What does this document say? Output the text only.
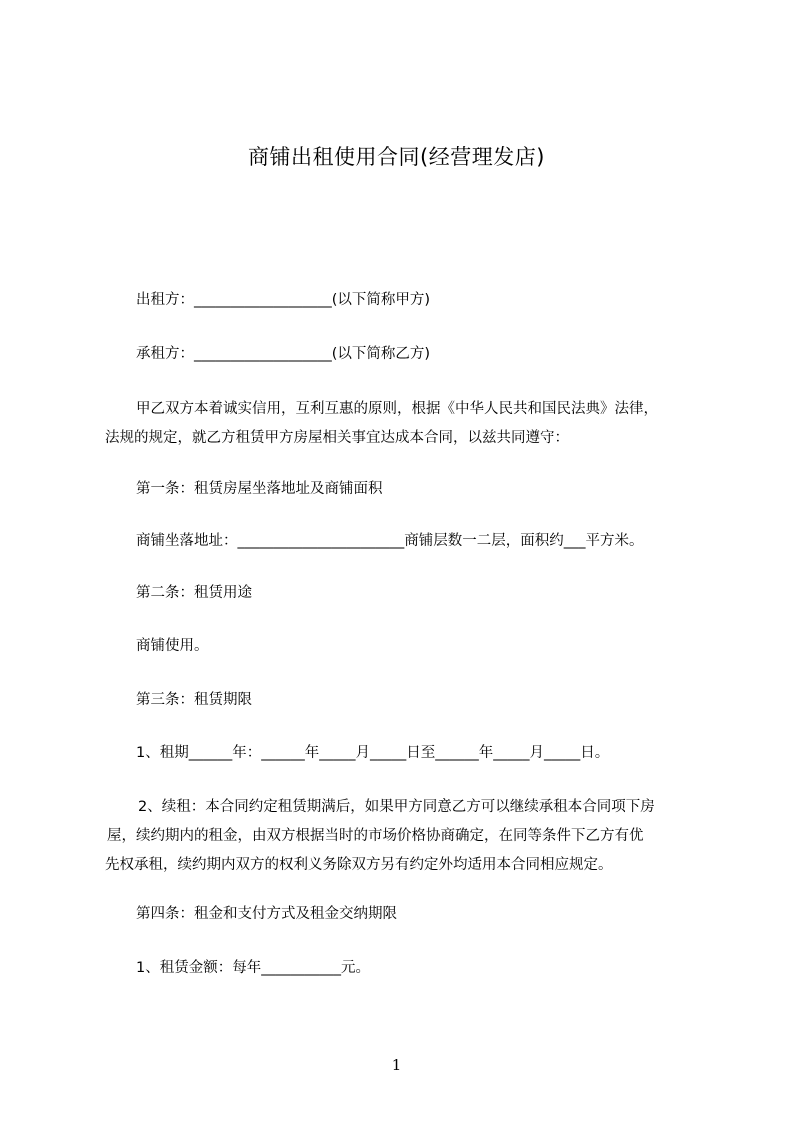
商铺出租使用合同(经营理发店)
出租方：___________________(以下简称甲方)
承租方：___________________(以下简称乙方)
甲乙双方本着诚实信用，互利互惠的原则，根据《中华人民共和国民法典》法律，
法规的规定，就乙方租赁甲方房屋相关事宜达成本合同，以兹共同遵守：
第一条：租赁房屋坐落地址及商铺面积
商铺坐落地址：_______________________商铺层数一二层，面积约___平方米。
第二条：租赁用途
商铺使用。
第三条：租赁期限
1、租期______年：______年_____月_____日至______年_____月_____日。
2、续租：本合同约定租赁期满后，如果甲方同意乙方可以继续承租本合同项下房
屋，续约期内的租金，由双方根据当时的市场价格协商确定，在同等条件下乙方有优
先权承租，续约期内双方的权利义务除双方另有约定外均适用本合同相应规定。
第四条：租金和支付方式及租金交纳期限
1、租赁金额：每年___________元。
1
